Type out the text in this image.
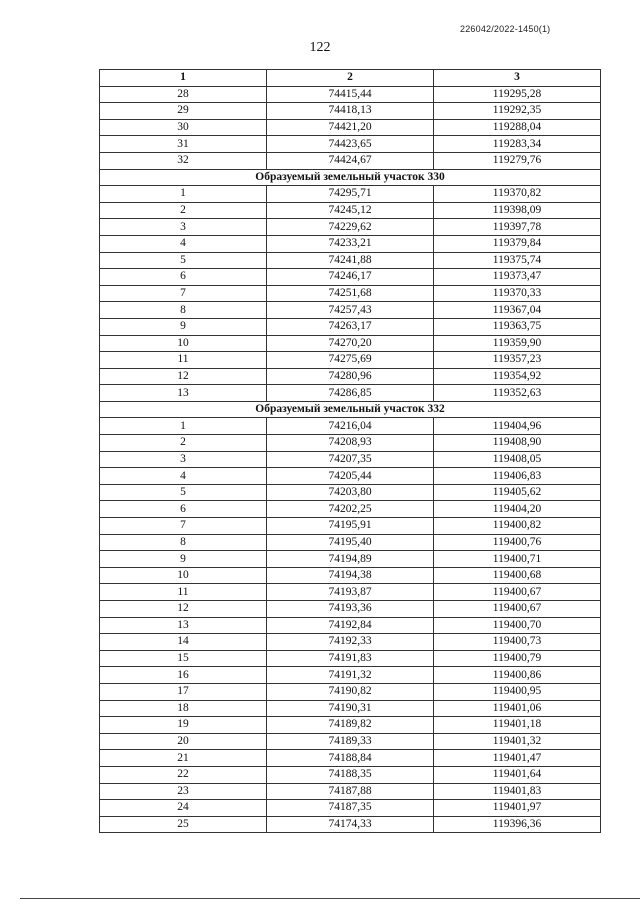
226042/2022-1450(1)
122
1	2	3
28	74415,44	119295,28
29	74418,13	119292,35
30	74421,20	119288,04
31	74423,65	119283,34
32	74424,67	119279,76
Образуемый земельный участок 330		
1	74295,71	119370,82
2	74245,12	119398,09
3	74229,62	119397,78
4	74233,21	119379,84
5	74241,88	119375,74
6	74246,17	119373,47
7	74251,68	119370,33
8	74257,43	119367,04
9	74263,17	119363,75
10	74270,20	119359,90
11	74275,69	119357,23
12	74280,96	119354,92
13	74286,85	119352,63
Образуемый земельный участок 332		
1	74216,04	119404,96
2	74208,93	119408,90
3	74207,35	119408,05
4	74205,44	119406,83
5	74203,80	119405,62
6	74202,25	119404,20
7	74195,91	119400,82
8	74195,40	119400,76
9	74194,89	119400,71
10	74194,38	119400,68
11	74193,87	119400,67
12	74193,36	119400,67
13	74192,84	119400,70
14	74192,33	119400,73
15	74191,83	119400,79
16	74191,32	119400,86
17	74190,82	119400,95
18	74190,31	119401,06
19	74189,82	119401,18
20	74189,33	119401,32
21	74188,84	119401,47
22	74188,35	119401,64
23	74187,88	119401,83
24	74187,35	119401,97
25	74174,33	119396,36
